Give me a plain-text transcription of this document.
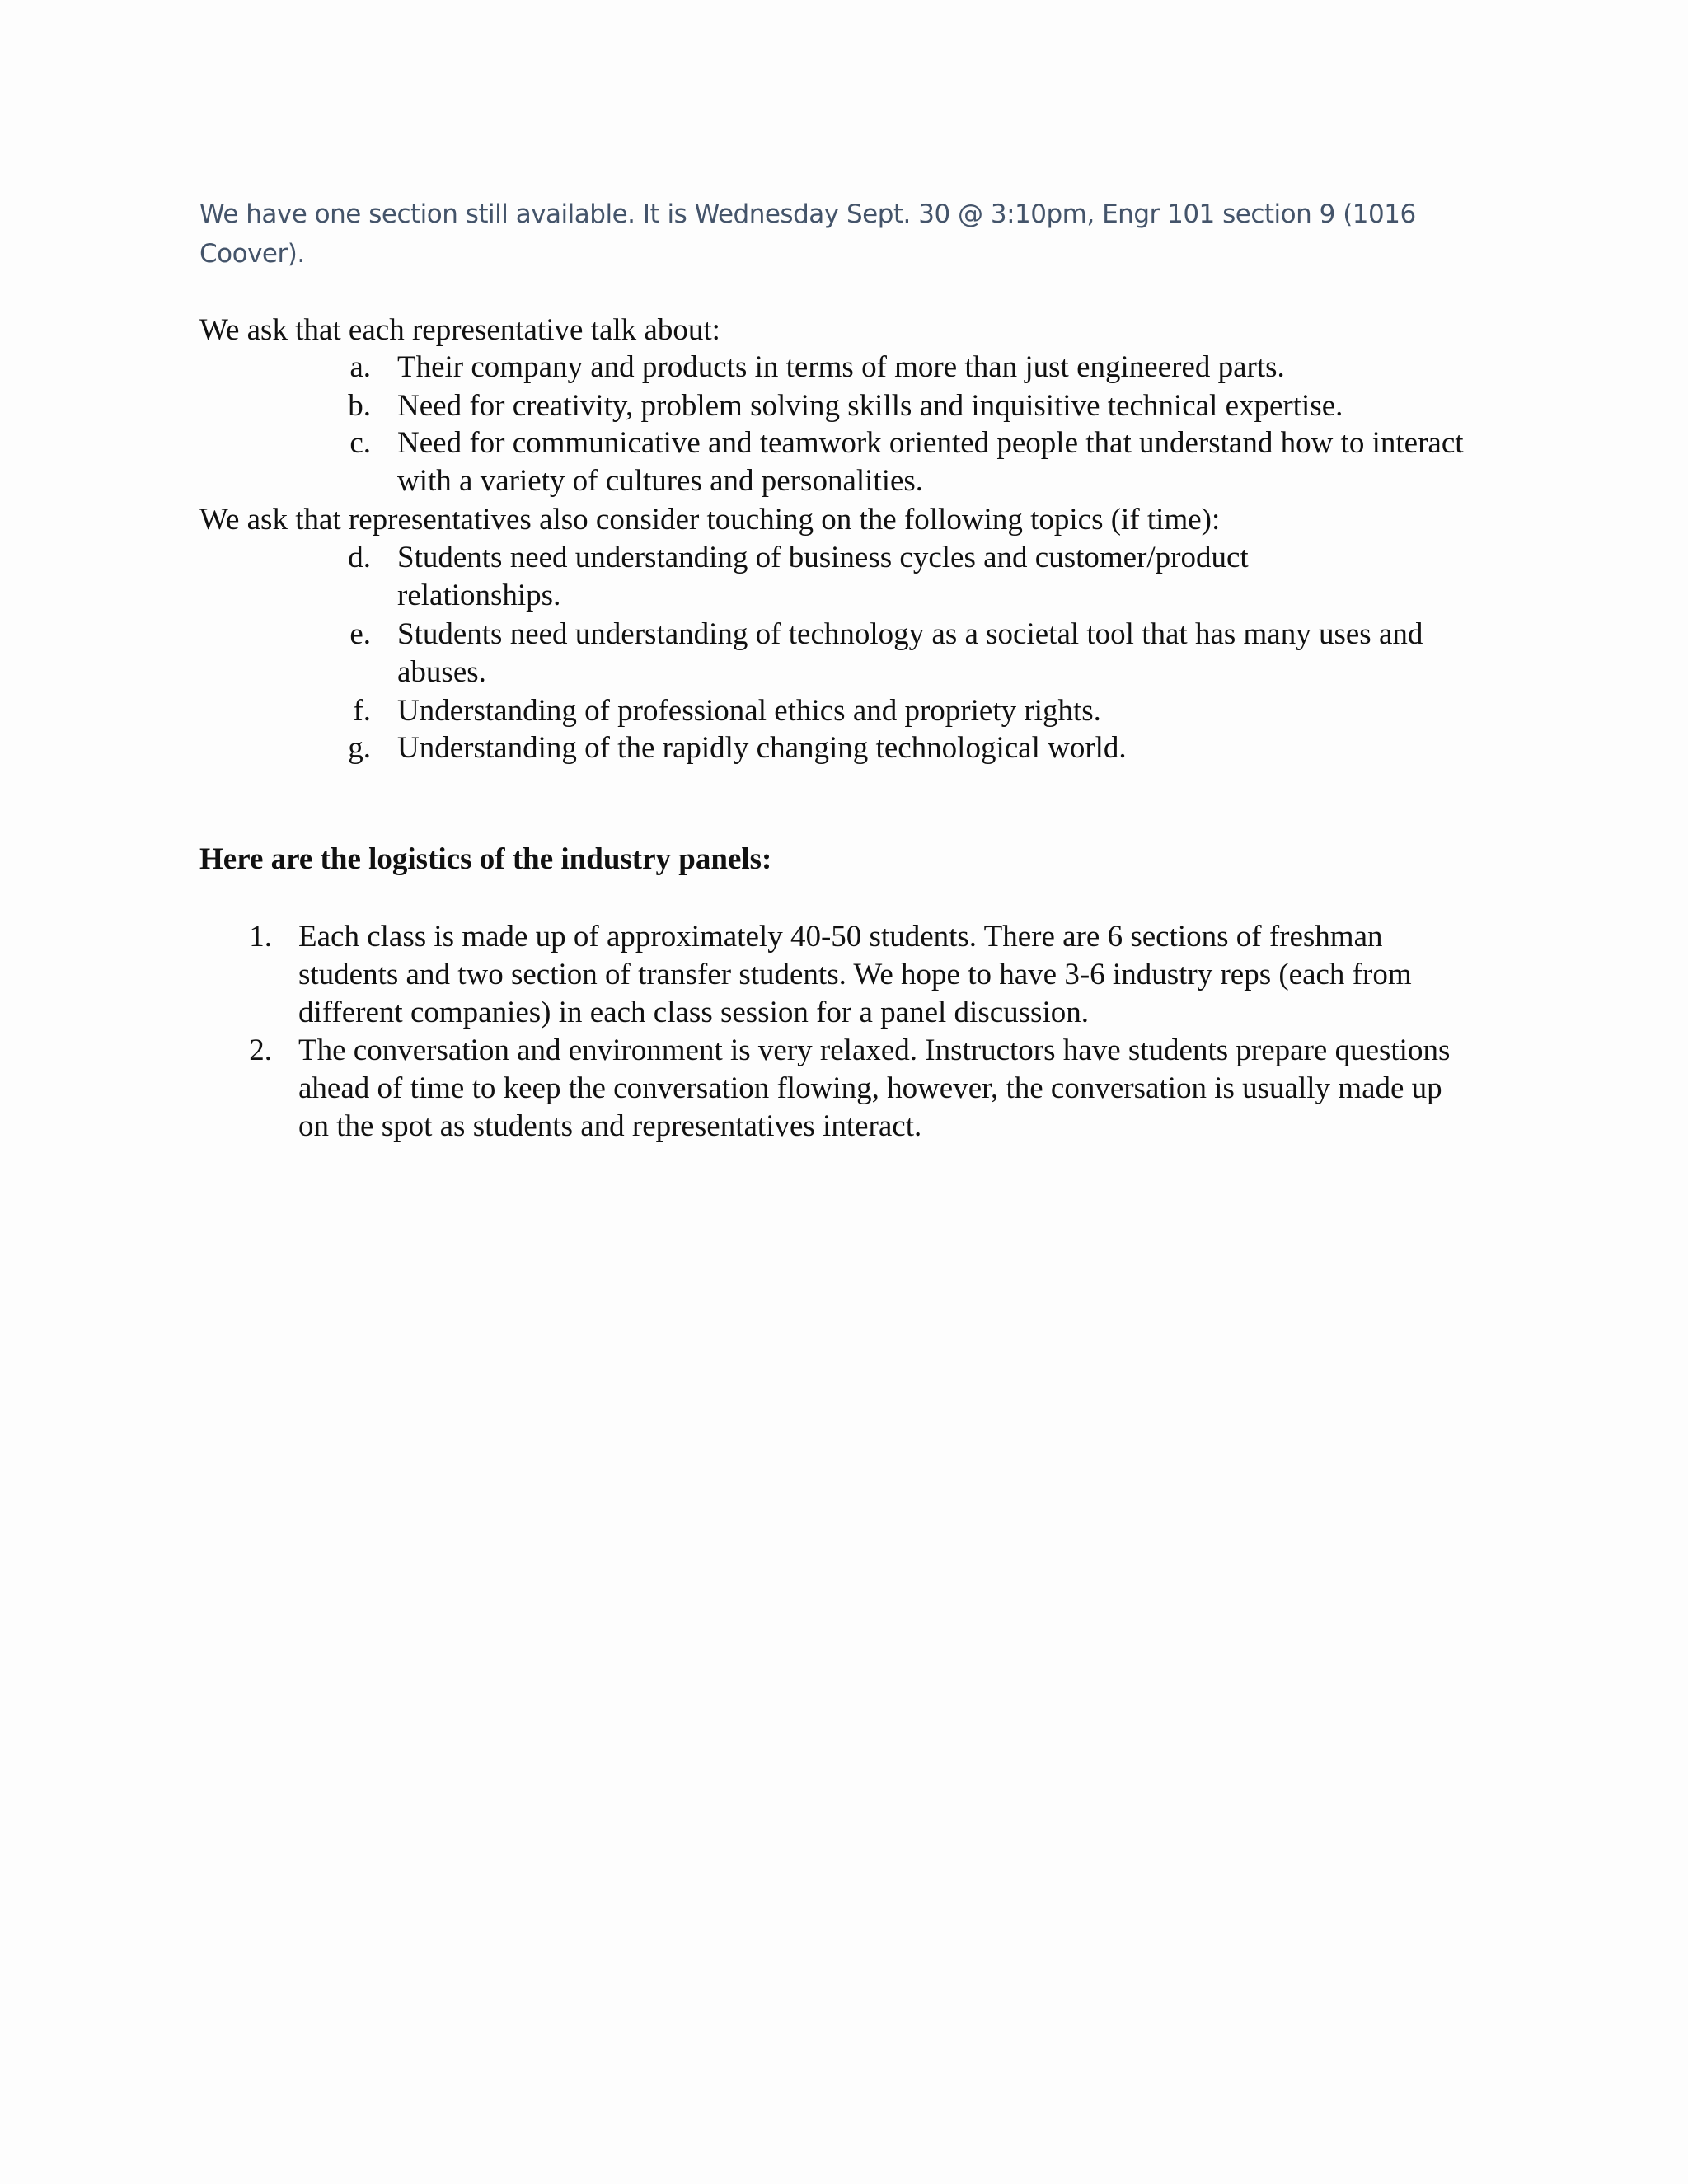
We have one section still available. It is Wednesday Sept. 30 @ 3:10pm, Engr 101 section 9 (1016 Coover).
We ask that each representative talk about:
a. Their company and products in terms of more than just engineered parts.
b. Need for creativity, problem solving skills and inquisitive technical expertise.
c. Need for communicative and teamwork oriented people that understand how to interact with a variety of cultures and personalities.
We ask that representatives also consider touching on the following topics (if time):
d. Students need understanding of business cycles and customer/product relationships.
e. Students need understanding of technology as a societal tool that has many uses and abuses.
f. Understanding of professional ethics and propriety rights.
g. Understanding of the rapidly changing technological world.
Here are the logistics of the industry panels:
1. Each class is made up of approximately 40-50 students. There are 6 sections of freshman students and two section of transfer students. We hope to have 3-6 industry reps (each from different companies) in each class session for a panel discussion.
2. The conversation and environment is very relaxed. Instructors have students prepare questions ahead of time to keep the conversation flowing, however, the conversation is usually made up on the spot as students and representatives interact.
